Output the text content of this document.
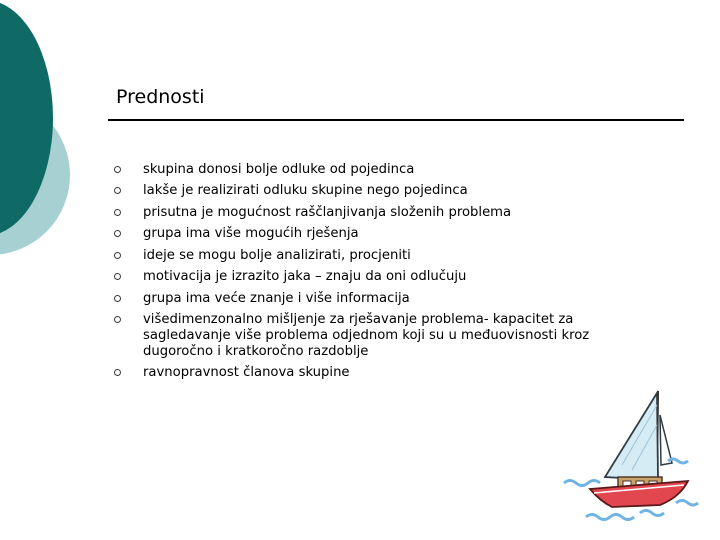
Prednosti
skupina donosi bolje odluke od pojedinca
lakše je realizirati odluku skupine nego pojedinca
prisutna je mogućnost raščlanjivanja složenih problema
grupa ima više mogućih rješenja
ideje se mogu bolje analizirati, procjeniti
motivacija je izrazito jaka – znaju da oni odlučuju
grupa ima veće znanje i više informacija
višedimenzonalno mišljenje za rješavanje problema- kapacitet za sagledavanje više problema odjednom koji su u međuovisnosti kroz dugoročno i kratkoročno razdoblje
ravnopravnost članova skupine
